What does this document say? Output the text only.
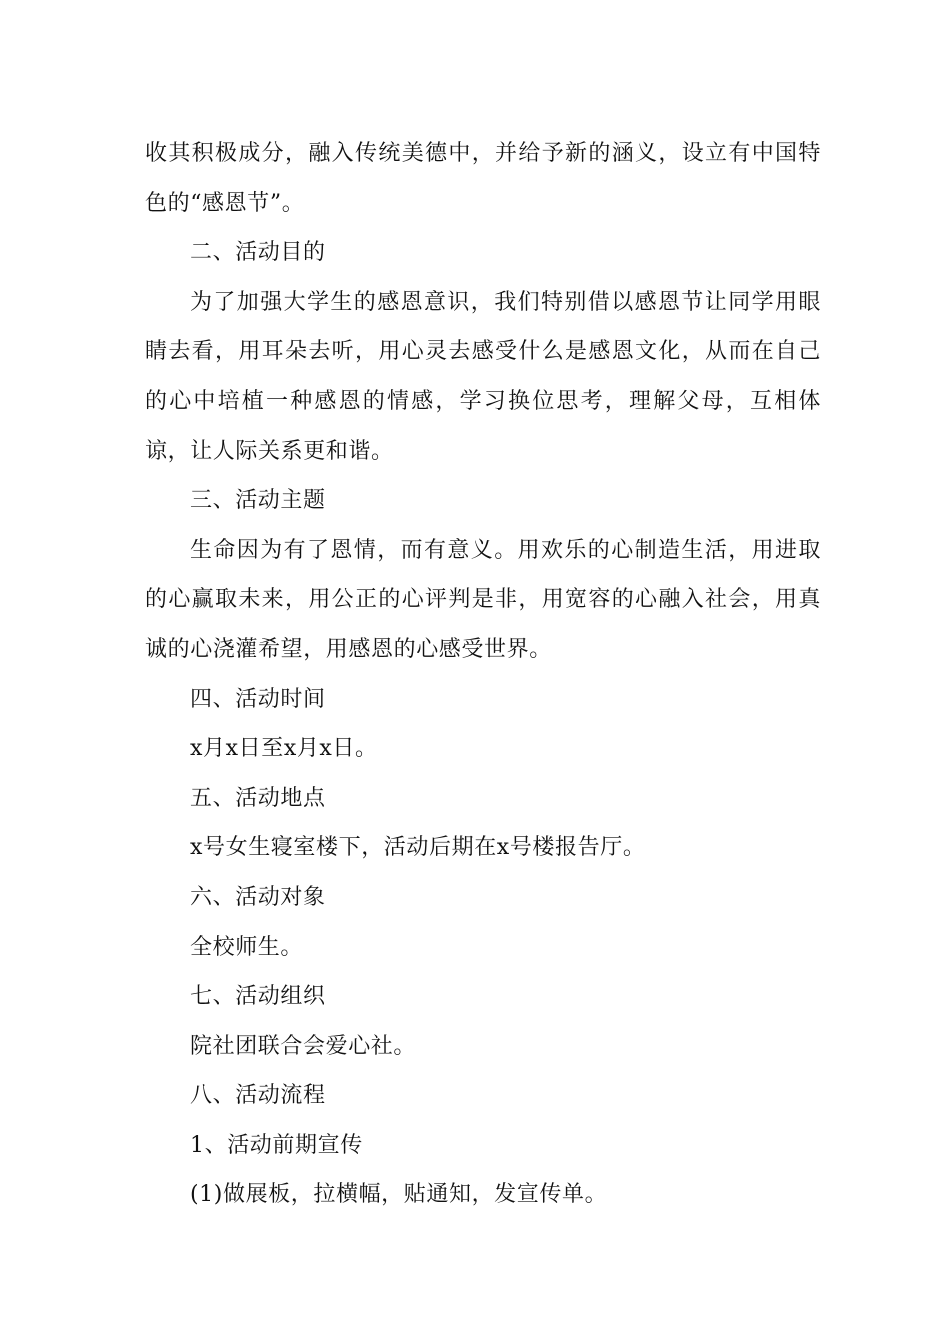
收其积极成分，融入传统美德中，并给予新的涵义，设立有中国特色的“感恩节”。

二、活动目的

为了加强大学生的感恩意识，我们特别借以感恩节让同学用眼睛去看，用耳朵去听，用心灵去感受什么是感恩文化，从而在自己的心中培植一种感恩的情感，学习换位思考，理解父母，互相体谅，让人际关系更和谐。

三、活动主题

生命因为有了恩情，而有意义。用欢乐的心制造生活，用进取的心赢取未来，用公正的心评判是非，用宽容的心融入社会，用真诚的心浇灌希望，用感恩的心感受世界。

四、活动时间

x月x日至x月x日。

五、活动地点

x号女生寝室楼下，活动后期在x号楼报告厅。

六、活动对象

全校师生。

七、活动组织

院社团联合会爱心社。

八、活动流程

1、活动前期宣传

(1)做展板，拉横幅，贴通知，发宣传单。
